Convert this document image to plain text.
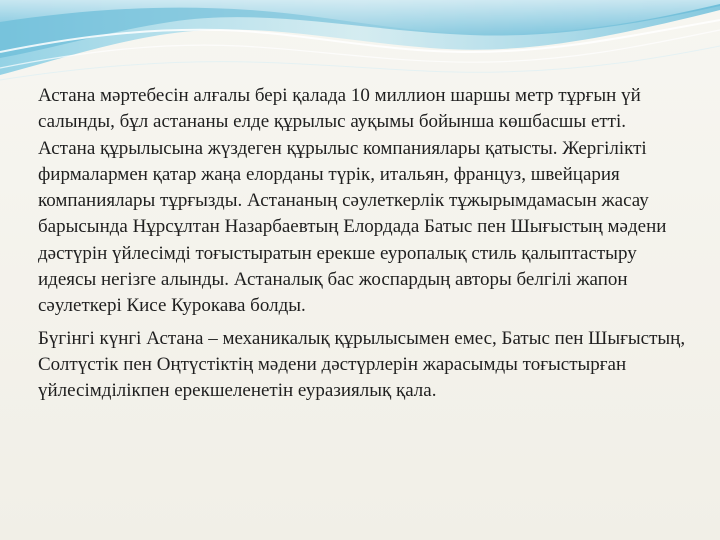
Астана мәртебесін алғалы бері қалада 10 миллион шаршы метр тұрғын үй салынды, бұл астананы елде құрылыс ауқымы бойынша көшбасшы етті. Астана құрылысына жүздеген құрылыс компаниялары қатысты. Жергілікті фирмалармен қатар жаңа елорданы түрік, итальян, француз, швейцария компаниялары тұрғызды. Астананың сәулеткерлік тұжырымдамасын жасау барысында Нұрсұлтан Назарбаевтың Елордада Батыс пен Шығыстың мәдени дәстүрін үйлесімді тоғыстыратын ерекше еуропалық стиль қалыптастыру идеясы негізге алынды. Астаналық бас жоспардың авторы белгілі жапон сәулеткері Кисе Курокава болды.

Бүгінгі күнгі Астана – механикалық құрылысымен емес, Батыс пен Шығыстың, Солтүстік пен Оңтүстіктің мәдени дәстүрлерін жарасымды тоғыстырған үйлесімділікпен ерекшеленетін еуразиялық қала.
